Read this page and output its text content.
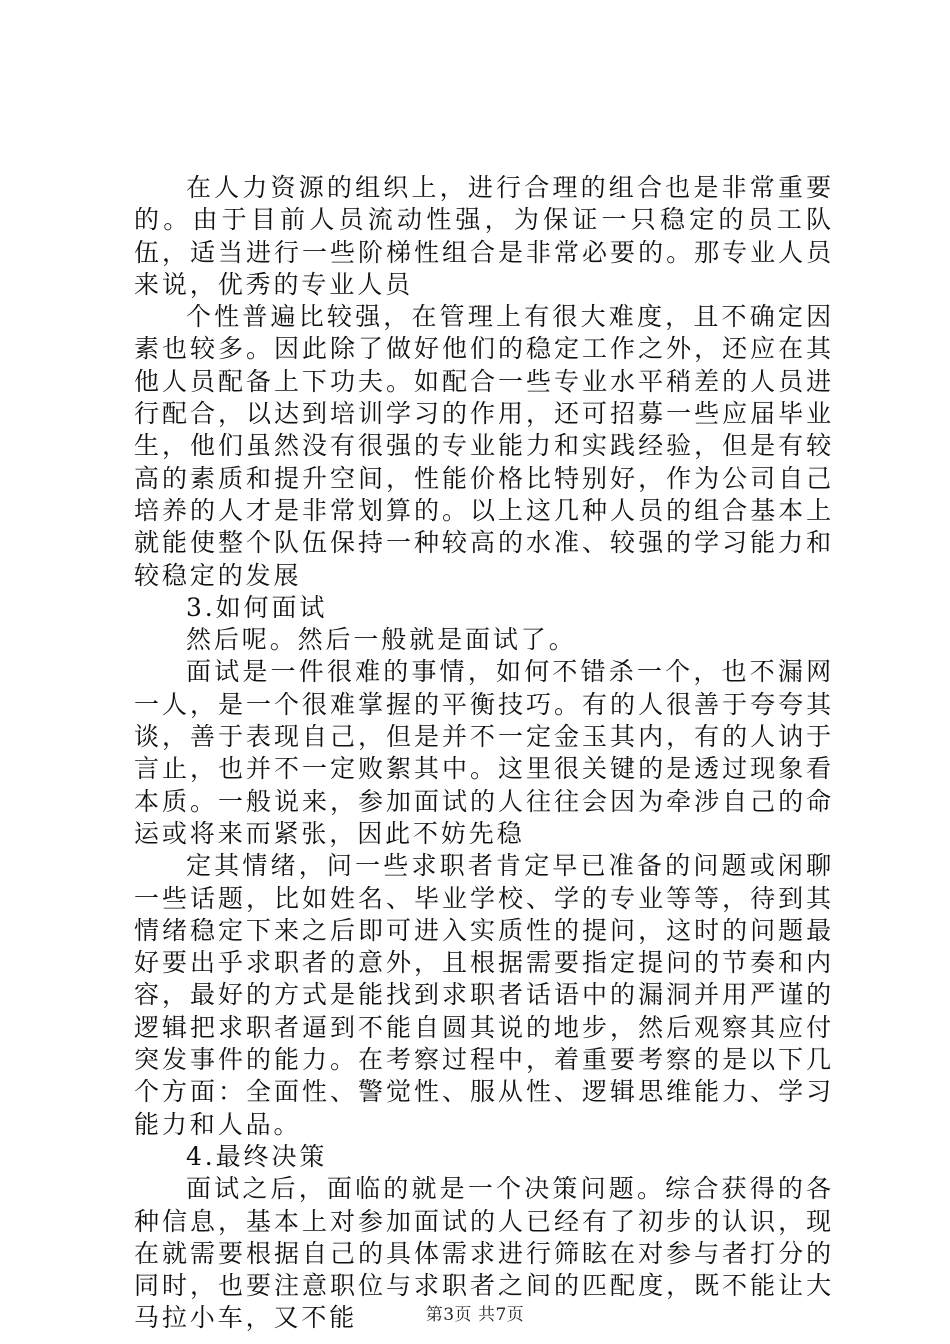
在人力资源的组织上，进行合理的组合也是非常重要的。由于目前人员流动性强，为保证一只稳定的员工队伍，适当进行一些阶梯性组合是非常必要的。那专业人员来说，优秀的专业人员

个性普遍比较强，在管理上有很大难度，且不确定因素也较多。因此除了做好他们的稳定工作之外，还应在其他人员配备上下功夫。如配合一些专业水平稍差的人员进行配合，以达到培训学习的作用，还可招募一些应届毕业生，他们虽然没有很强的专业能力和实践经验，但是有较高的素质和提升空间，性能价格比特别好，作为公司自己培养的人才是非常划算的。以上这几种人员的组合基本上就能使整个队伍保持一种较高的水准、较强的学习能力和较稳定的发展

3.如何面试

然后呢。然后一般就是面试了。

面试是一件很难的事情，如何不错杀一个，也不漏网一人，是一个很难掌握的平衡技巧。有的人很善于夸夸其谈，善于表现自己，但是并不一定金玉其内，有的人讷于言止，也并不一定败絮其中。这里很关键的是透过现象看本质。一般说来，参加面试的人往往会因为牵涉自己的命运或将来而紧张，因此不妨先稳

定其情绪，问一些求职者肯定早已准备的问题或闲聊一些话题，比如姓名、毕业学校、学的专业等等，待到其情绪稳定下来之后即可进入实质性的提问，这时的问题最好要出乎求职者的意外，且根据需要指定提问的节奏和内容，最好的方式是能找到求职者话语中的漏洞并用严谨的逻辑把求职者逼到不能自圆其说的地步，然后观察其应付突发事件的能力。在考察过程中，着重要考察的是以下几个方面：全面性、警觉性、服从性、逻辑思维能力、学习能力和人品。

4.最终决策

面试之后，面临的就是一个决策问题。综合获得的各种信息，基本上对参加面试的人已经有了初步的认识，现在就需要根据自己的具体需求进行筛眩在对参与者打分的同时，也要注意职位与求职者之间的匹配度，既不能让大马拉小车，又不能	第3页 共7页
